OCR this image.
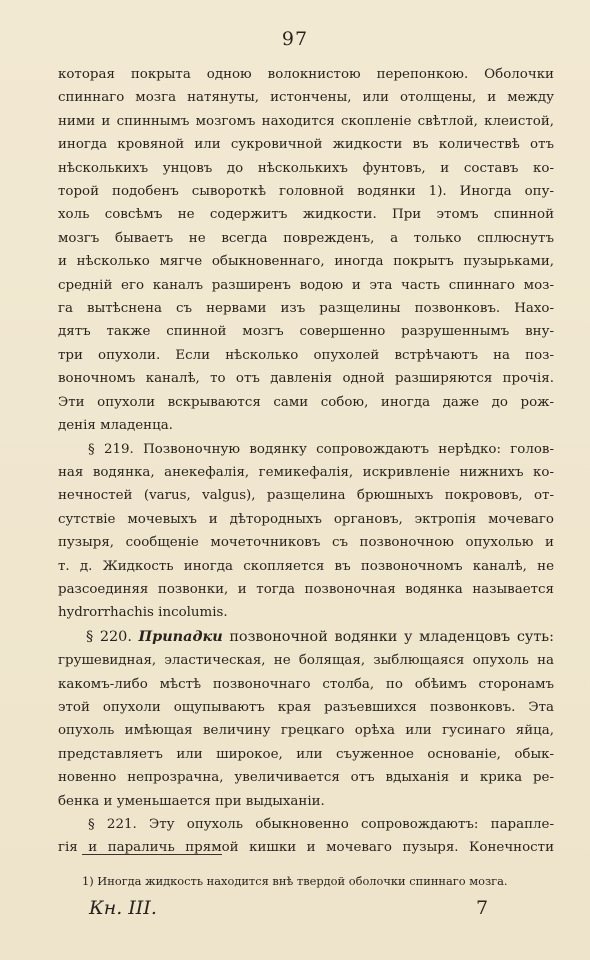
97
которая покрыта одною волокнистою перепонкою. Оболочки
спиннаго мозга натянуты, истончены, или отолщены, и между
ними и спиннымъ мозгомъ находится скопленіе свѣтлой, клеистой,
иногда кровяной или сукровичной жидкости въ количествѣ отъ
нѣсколькихъ унцовъ до нѣсколькихъ фунтовъ, и составъ ко-
торой подобенъ сывороткѣ головной водянки 1). Иногда опу-
холь совсѣмъ не содержитъ жидкости. При этомъ спинной
мозгъ бываетъ не всегда поврежденъ, а только сплюснутъ
и нѣсколько мягче обыкновеннаго, иногда покрытъ пузырьками,
средній его каналъ разширенъ водою и эта часть спиннаго моз-
га вытѣснена съ нервами изъ разщелины позвонковъ. Нахо-
дятъ также спинной мозгъ совершенно разрушеннымъ вну-
три опухоли. Если нѣсколько опухолей встрѣчаютъ на поз-
воночномъ каналѣ, то отъ давленія одной разширяются прочія.
Эти опухоли вскрываются сами собою, иногда даже до рож-
денія младенца.
§ 219. Позвоночную водянку сопровождаютъ нерѣдко: голов-
ная водянка, анекефалія, гемикефалія, искривленіе нижнихъ ко-
нечностей (varus, valgus), разщелина брюшныхъ покрововъ, от-
сутствіе мочевыхъ и дѣтородныхъ органовъ, эктропія мочеваго
пузыря, сообщеніе мочеточниковъ съ позвоночною опухолью и
т. д. Жидкость иногда скопляется въ позвоночномъ каналѣ, не
разсоединяя позвонки, и тогда позвоночная водянка называется
hydrorrhachis incolumis.
§ 220. Припадки позвоночной водянки у младенцовъ суть:
грушевидная, эластическая, не болящая, зыблющаяся опухоль на
какомъ-либо мѣстѣ позвоночнаго столба, по обѣимъ сторонамъ
этой опухоли ощупываютъ края разъевшихся позвонковъ. Эта
опухоль имѣющая величину грецкаго орѣха или гусинаго яйца,
представляетъ или широкое, или съуженное основаніе, обык-
новенно непрозрачна, увеличивается отъ вдыханія и крика ре-
бенка и уменьшается при выдыханіи.
§ 221. Эту опухоль обыкновенно сопровождаютъ: параплe-
гія и параличь прямой кишки и мочеваго пузыря. Конечности
1) Иногда жидкость находится внѣ твердой оболочки спиннаго мозга.
Кн. III.	7
